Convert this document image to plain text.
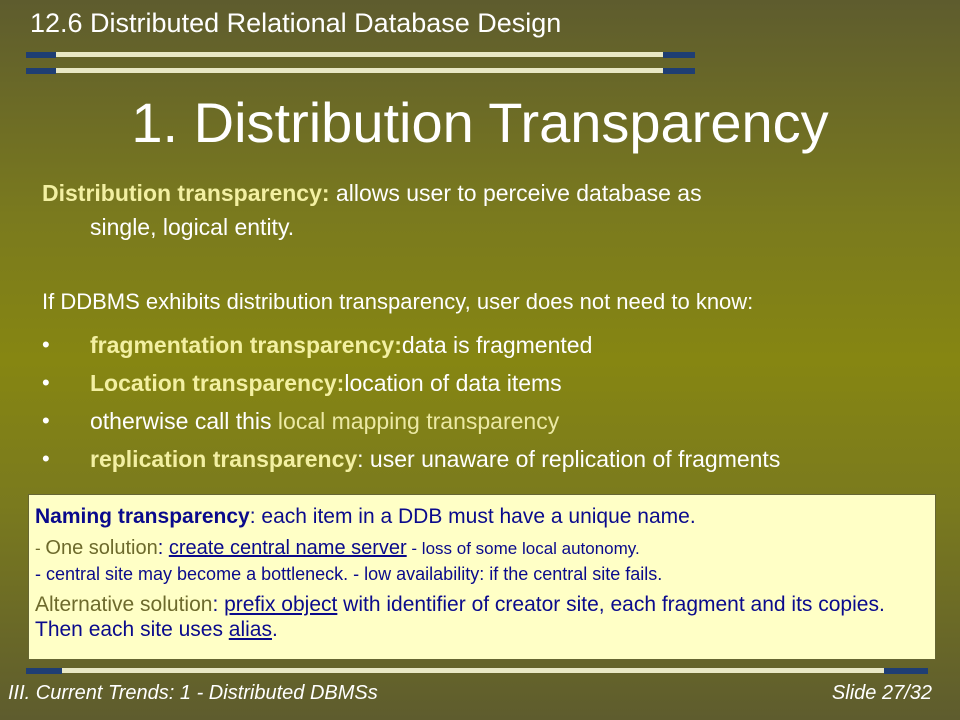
12.6 Distributed Relational Database Design
1. Distribution Transparency
Distribution transparency: allows user to perceive database as
single, logical entity.
If DDBMS exhibits distribution transparency, user does not need to know:
•	fragmentation transparency: data is fragmented
•	Location transparency: location of data items
•	otherwise call this
local mapping transparency
•	replication transparency : user unaware of replication of fragments
Naming transparency: each item in a DDB must have a unique name.
- One solution: create central name server - loss of some local autonomy.
- central site may become a bottleneck. - low availability: if the central site fails.
Alternative solution: prefix object with identifier of creator site, each fragment and its copies. Then each site uses alias.
III. Current Trends: 1 - Distributed DBMSs	Slide 27/32
